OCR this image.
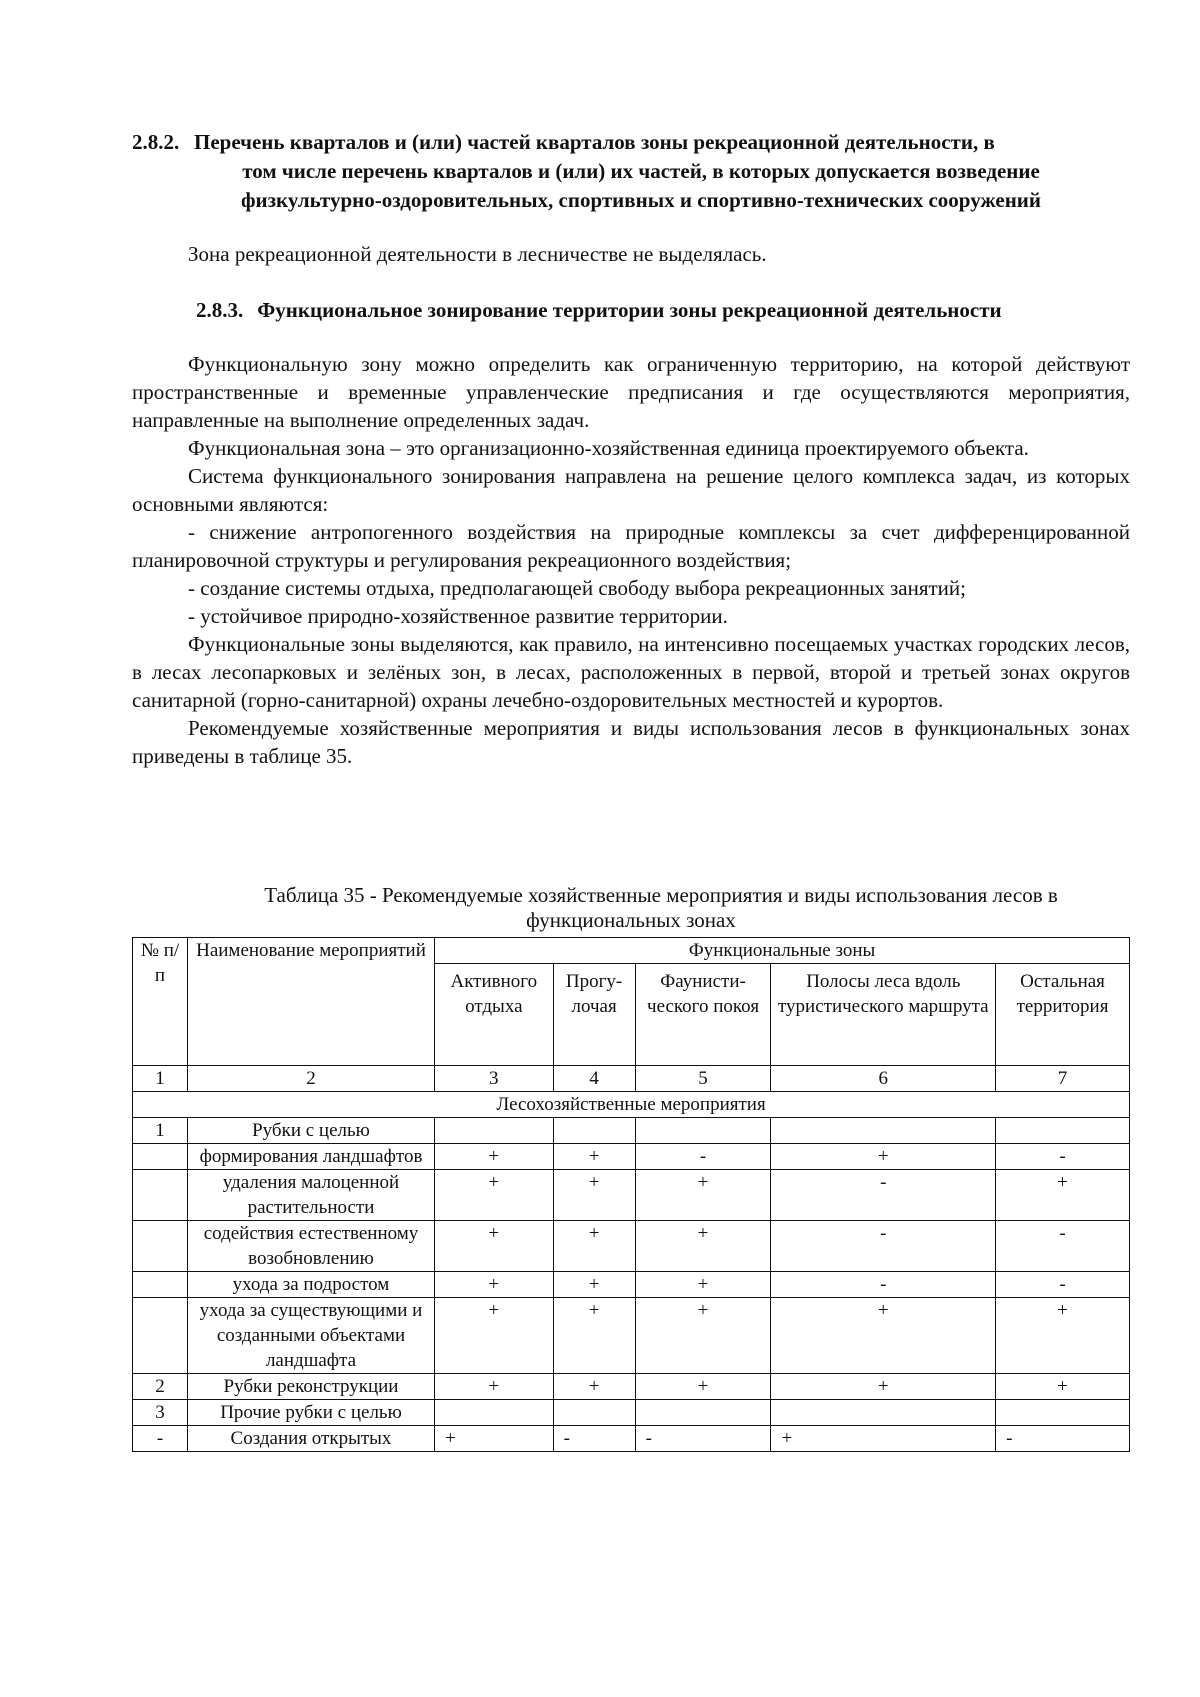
2.8.2. Перечень кварталов и (или) частей кварталов зоны рекреационной деятельности, в
том числе перечень кварталов и (или) их частей, в которых допускается возведение
физкультурно-оздоровительных, спортивных и спортивно-технических сооружений
Зона рекреационной деятельности в лесничестве не выделялась.
2.8.3. Функциональное зонирование территории зоны рекреационной деятельности

Функциональную зону можно определить как ограниченную территорию, на которой действуют пространственные и временные управленческие предписания и где осуществляются мероприятия, направленные на выполнение определенных задач.

Функциональная зона – это организационно-хозяйственная единица проектируемого объекта.

Система функционального зонирования направлена на решение целого комплекса задач, из которых основными являются:

- снижение антропогенного воздействия на природные комплексы за счет дифференцированной планировочной структуры и регулирования рекреационного воздействия;

- создание системы отдыха, предполагающей свободу выбора рекреационных занятий;

- устойчивое природно-хозяйственное развитие территории.

Функциональные зоны выделяются, как правило, на интенсивно посещаемых участках городских лесов, в лесах лесопарковых и зелёных зон, в лесах, расположенных в первой, второй и третьей зонах округов санитарной (горно-санитарной) охраны лечебно-оздоровительных местностей и курортов.

Рекомендуемые хозяйственные мероприятия и виды использования лесов в функциональных зонах приведены в таблице 35.

Таблица 35 - Рекомендуемые хозяйственные мероприятия и виды использования лесов в
функциональных зонах
№ п/п	Наименование мероприятий	Функциональные зоны				
		Активного отдыха	Прогу-лочая	Фаунисти-ческого покоя	Полосы леса вдоль туристического маршрута	Остальная территория
1	2	3	4	5	6	7
Лесохозяйственные мероприятия						
1	Рубки с целью					
	формирования ландшафтов	+	+	-	+	-
	удаления малоценной растительности	+	+	+	-	+
	содействия естественному возобновлению	+	+	+	-	-
	ухода за подростом	+	+	+	-	-
	ухода за существующими и созданными объектами ландшафта	+	+	+	+	+
2	Рубки реконструкции	+	+	+	+	+
3	Прочие рубки с целью					
-	Создания открытых	+	-	-	+	-
